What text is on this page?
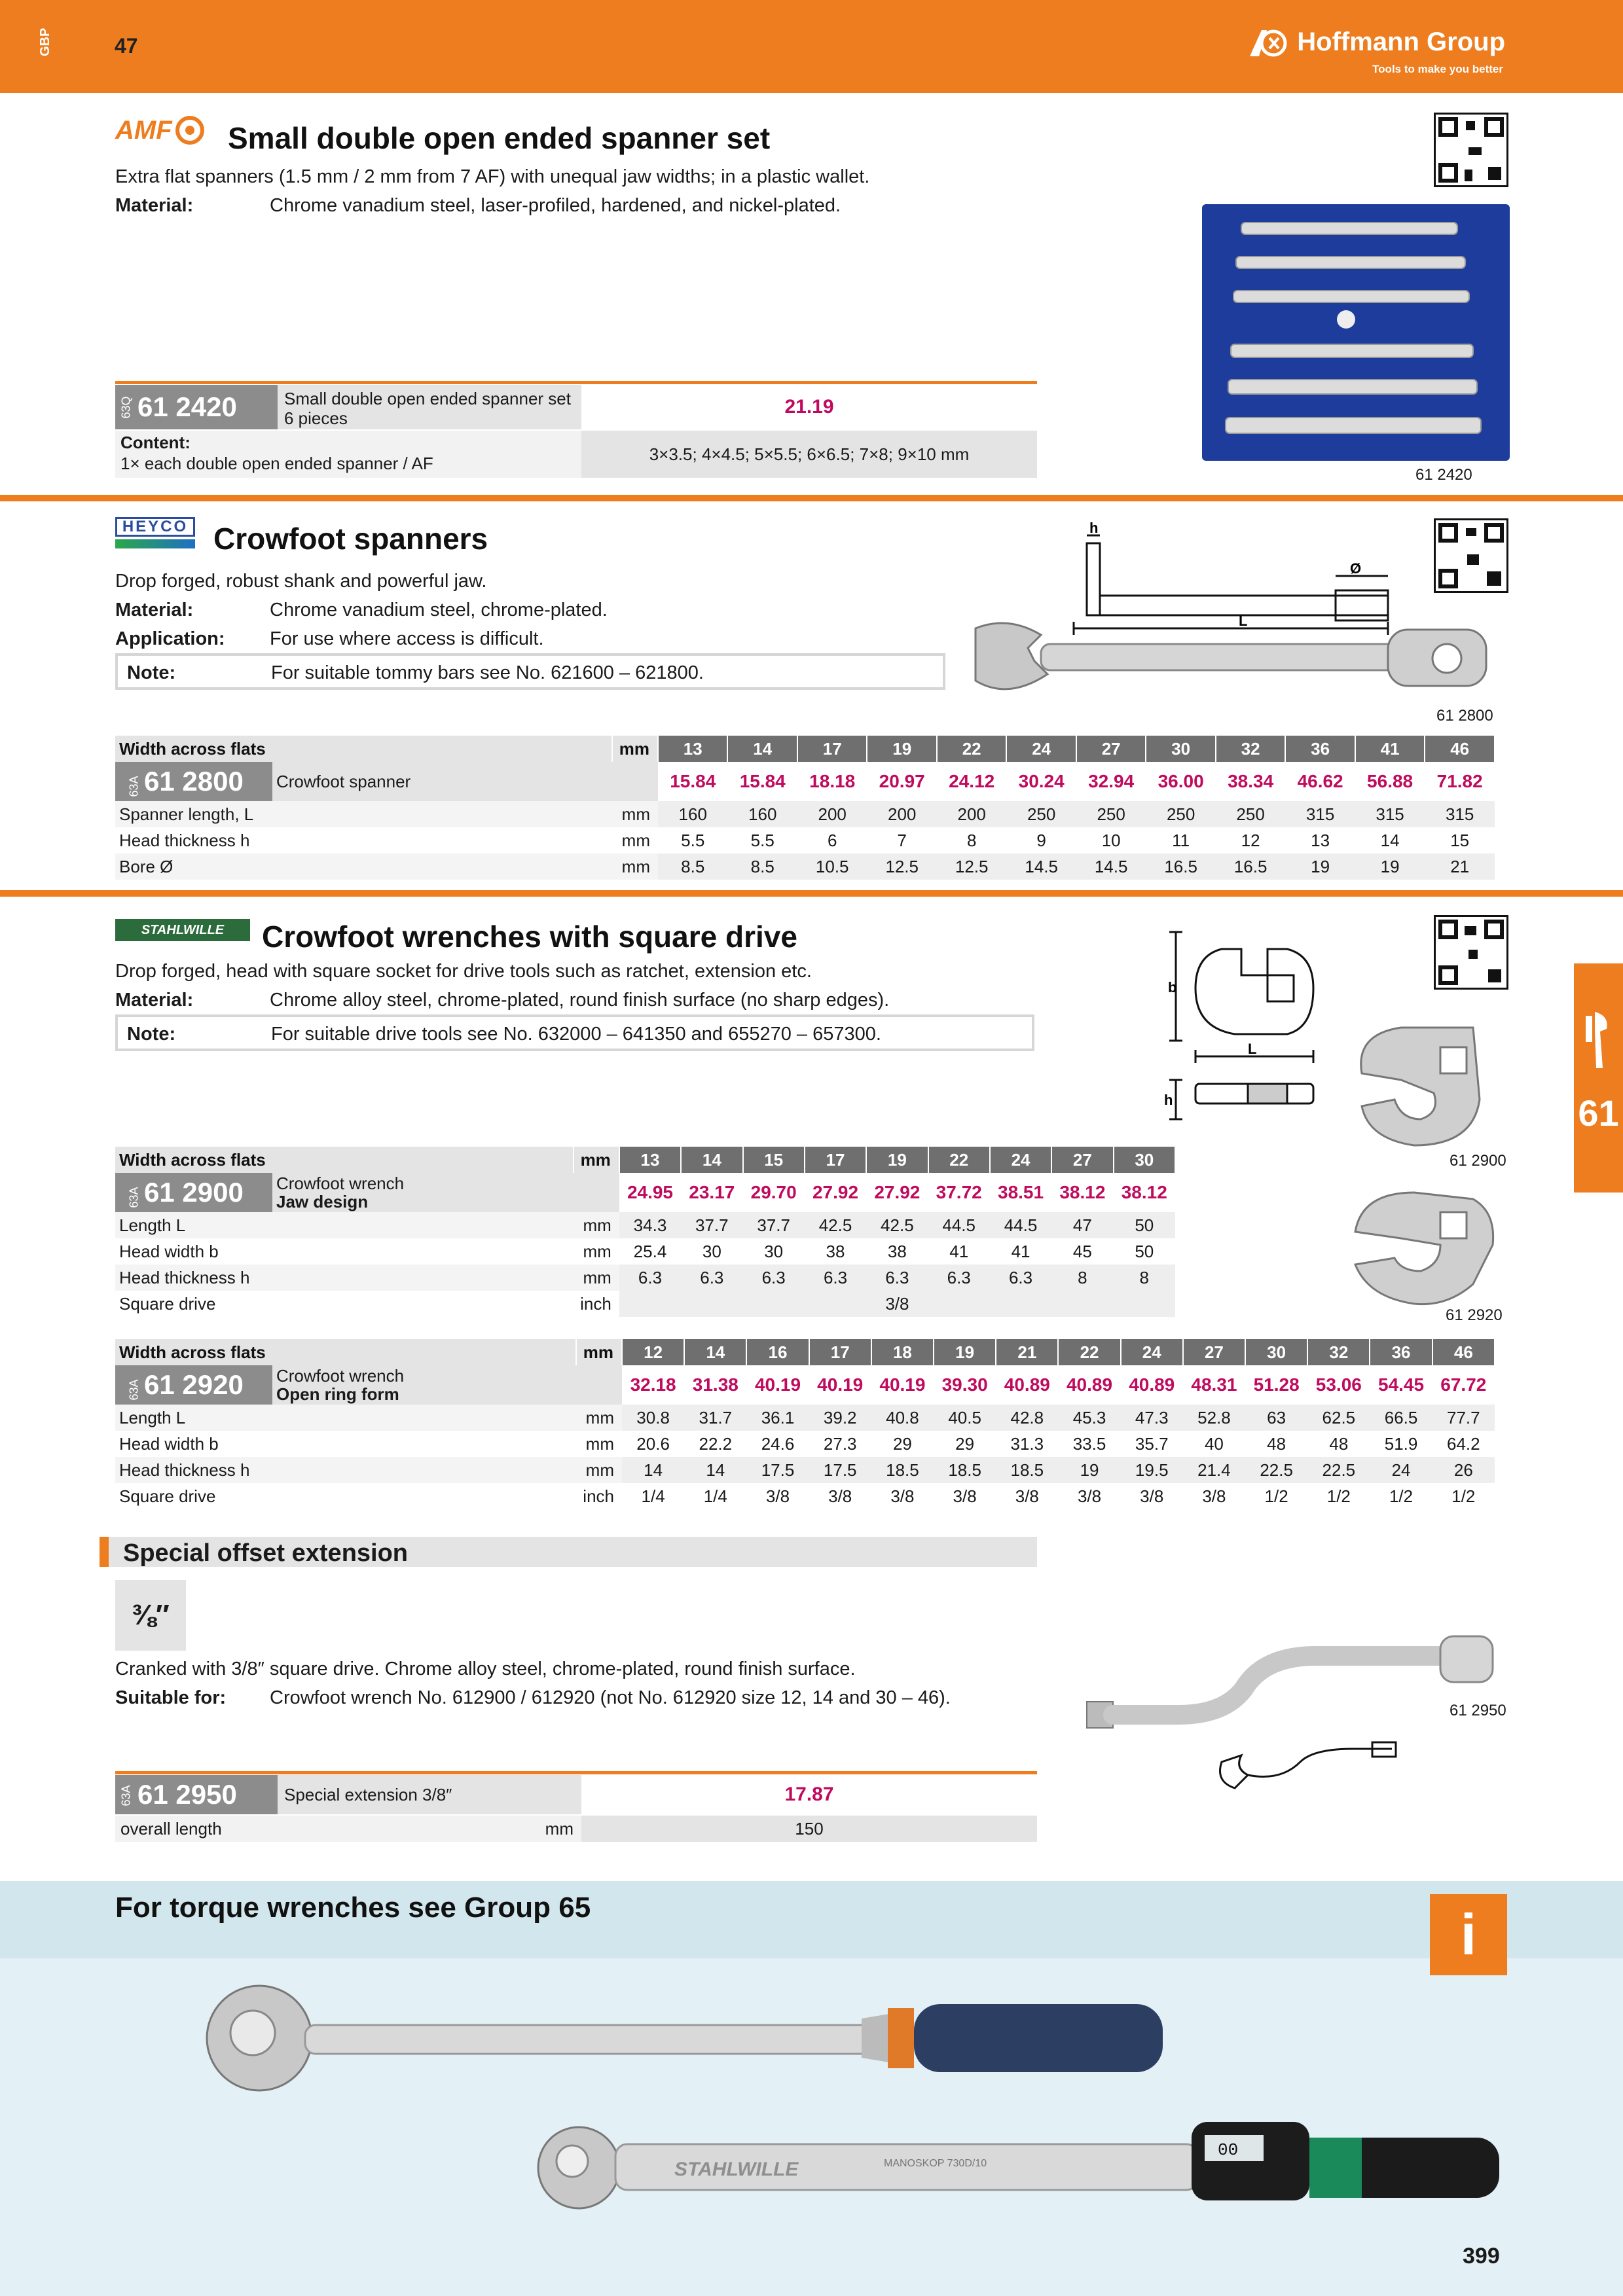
GBP	47	Hoffmann Group
Tools to make you better
AMF Small double open ended spanner set
Extra flat spanners (1.5 mm / 2 mm from 7 AF) with unequal jaw widths; in a plastic wallet.
Material:	Chrome vanadium steel, laser-profiled, hardened, and nickel-plated.
61 2420
63Q 61 2420	Small double open ended spanner set
6 pieces
21.19
Content:
1× each double open ended spanner / AF	3×3.5; 4×4.5; 5×5.5; 6×6.5; 7×8; 9×10 mm
HEYCO Crowfoot spanners
Drop forged, robust shank and powerful jaw.
Material:	Chrome vanadium steel, chrome-plated.
Application: For use where access is difficult.
Note:	For suitable tommy bars see No. 621600 – 621800.
h
Ø
L
61 2800
Width across flats		mm	13	14	17	19	22	24	27	30	32	36	41	46
63A 61 2800	Crowfoot spanner		15.84	15.84	18.18	20.97	24.12	30.24	32.94	36.00	38.34	46.62	56.88	71.82
Spanner length, L		mm	160	160	200	200	200	250	250	250	250	315	315	315
Head thickness h		mm	5.5	5.5	6	7	8	9	10	11	12	13	14	15
Bore Ø		mm	8.5	8.5	10.5	12.5	12.5	14.5	14.5	16.5	16.5	19	19	21
STAHLWILLE	Crowfoot wrenches with square drive
Drop forged, head with square socket for drive tools such as ratchet, extension etc.
Material:	Chrome alloy steel, chrome-plated, round finish surface (no sharp edges).
Note:	For suitable drive tools see No. 632000 – 641350 and 655270 – 657300.
b
L
h
61 2900
61 2920
Width across flats		mm	13	14	15	17	19	22	24	27	30
63A 61 2900	Crowfoot wrench
Jaw design		24.95	23.17	29.70	27.92	27.92	37.72	38.51	38.12	38.12
Length L		mm	34.3	37.7	37.7	42.5	42.5	44.5	44.5	47	50
Head width b		mm	25.4	30	30	38	38	41	41	45	50
Head thickness h		mm	6.3	6.3	6.3	6.3	6.3	6.3	6.3	8	8
Square drive		inch	3/8								
Width across flats		mm	12	14	16	17	18	19	21	22	24	27	30	32	36	46
63A 61 2920	Crowfoot wrench
Open ring form		32.18	31.38	40.19	40.19	40.19	39.30	40.89	40.89	40.89	48.31	51.28	53.06	54.45	67.72
Length L		mm	30.8	31.7	36.1	39.2	40.8	40.5	42.8	45.3	47.3	52.8	63	62.5	66.5	77.7
Head width b		mm	20.6	22.2	24.6	27.3	29	29	31.3	33.5	35.7	40	48	48	51.9	64.2
Head thickness h		mm	14	14	17.5	17.5	18.5	18.5	18.5	19	19.5	21.4	22.5	22.5	24	26
Square drive		inch	1/4	1/4	3/8	3/8	3/8	3/8	3/8	3/8	3/8	3/8	1/2	1/2	1/2	1/2
Special offset extension
⅜″
Cranked with 3/8″ square drive. Chrome alloy steel, chrome-plated, round finish surface.
Suitable for: Crowfoot wrench No. 612900 / 612920 (not No. 612920 size 12, 14 and 30 – 46).
61 2950
63A 61 2950	Special extension 3/8″	17.87
overall length	mm	150
For torque wrenches see Group 65	i
STAHLWILLE	MANOSKOP 730D/10
00
61
399
